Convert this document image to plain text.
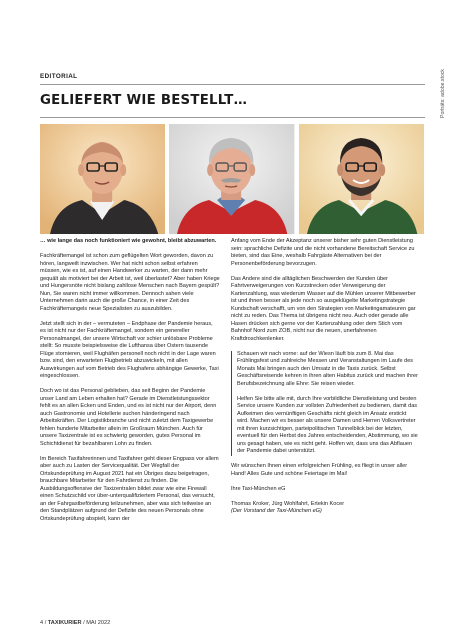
Porträts: adobe.stock
EDITORIAL
GELIEFERT WIE BESTELLT…

… wie lange das noch funktioniert wie gewohnt, bleibt abzuwarten.

Fachkräftemangel ist schon zum geflügelten Wort geworden, davon zu hören, langweilt inzwischen. Wer hat nicht schon selbst erfahren müssen, wie es ist, auf einen Handwerker zu warten, der dann mehr gequält als motiviert bei der Arbeit ist, weil überlastet? Aber haben Kriege und Hungersnöte nicht bislang zahllose Menschen nach Bayern gespült? Nun, Sie waren nicht immer willkommen. Dennoch sahen viele Unternehmen darin auch die große Chance, in einer Zeit des Fachkräftemangels neue Spezialisten zu auszubilden.

Jetzt stellt sich in der – vermuteten – Endphase der Pandemie heraus, es ist nicht nur der Fachkräftemangel, sondern ein genereller Personalmangel, der unsere Wirtschaft vor schier unlösbare Probleme stellt: So musste beispielsweise die Lufthansa über Ostern tausende Flüge stornieren, weil Flughäfen personell noch nicht in der Lage waren bzw. sind, den erwarteten Flugbetrieb abzuwickeln, mit allen Auswirkungen auf vom Betrieb des Flughafens abhängige Gewerke, Taxi eingeschlossen.

Doch wo ist das Personal geblieben, das seit Beginn der Pandemie unser Land am Leben erhalten hat? Gerade im Dienstleistungssektor fehlt es an allen Ecken und Enden, und es ist nicht nur der Airport, denn auch Gastronomie und Hotellerie suchen händeringend nach Arbeitskräften. Der Logistikbranche und nicht zuletzt dem Taxigewerbe fehlen hunderte Mitarbeiter allein im Großraum München. Auch für unsere Taxizentrale ist es schwierig geworden, gutes Personal im Schichtdienst für bezahlbaren Lohn zu finden.

Im Bereich Taxifahrerinnen und Taxifahrer geht dieser Engpass vor allem aber auch zu Lasten der Servicequalität. Der Wegfall der Ortskundeprüfung im August 2021 hat ein Übriges dazu beigetragen, brauchbare Mitarbeiter für den Fahrdienst zu finden. Die Ausbildungsoffensive der Taxizentralen bildet zwar wie eine Firewall einen Schutzschild vor über-unterqualifiziertem Personal, das versucht, an der Fahrgastbeförderung teilzunehmen, aber was sich teilweise an den Standplätzen aufgrund der Defizite des neuen Personals ohne Ortskundeprüfung abspielt, kann der

Anfang vom Ende der Akzeptanz unserer bisher sehr guten Dienstleistung sein: sprachliche Defizite und die nicht vorhandene Bereitschaft Service zu bieten, sind das Eine, weshalb Fahrgäste Alternativen bei der Personenbeförderung bevorzugen.

Das Andere sind die alltäglichen Beschwerden der Kunden über Fahrtverweigerungen von Kurzstrecken oder Verweigerung der Kartenzahlung, was wiederum Wasser auf die Mühlen unserer Mitbewerber ist und ihnen besser als jede noch so ausgeklügelte Marketingstrategie Kundschaft verschafft, um von den Strategien von Marketingamateuren gar nicht zu reden. Das Thema ist übrigens nicht neu. Auch oder gerade alle Hasen drücken sich gerne vor der Kartenzahlung oder dem Stich vom Bahnhof Nord zum ZOB, nicht nur die neuen, unerfahrenen Kraftdroschkenlenker.

Schauen wir nach vorne: auf der Wiesn läuft bis zum 8. Mai das Frühlingsfest und zahlreiche Messen und Veranstaltungen im Laufe des Monats Mai bringen auch den Umsatz in die Taxis zurück. Selbst Geschäftsreisende kehren in ihren alten Habitus zurück und machen ihrer Berufsbezeichnung alle Ehre: Sie reisen wieder.

Helfen Sie bitte alle mit, durch Ihre vorbildliche Dienstleistung und besten Service unsere Kunden zur vollsten Zufriedenheit zu bedienen, damit das Aufkeimen des vernünftigen Geschäfts nicht gleich im Ansatz erstickt wird. Machen wir es besser als unsere Damen und Herren Volksvertreter mit ihren kurzsichtigen, parteipolitischen Tunnelblick bei der letzten, eventuell für den Herbst des Jahres entscheidenden, Abstimmung, wo sie uns gesagt haben, wie es nicht geht. Hoffen wir, dass uns das Abflauen der Pandemie dabei unterstützt.

Wir wünschen Ihnen einen erfolgreichen Frühling, es fliegt in unser aller Hand! Alles Gute und schöne Feiertage im Mai!

Ihre Taxi-München eG

Thomas Kroker, Jürg Wohlfahrt, Ertekin Kocer

(Der Vorstand der Taxi-München eG)

4 / TAXIKURIER / MAI 2022
